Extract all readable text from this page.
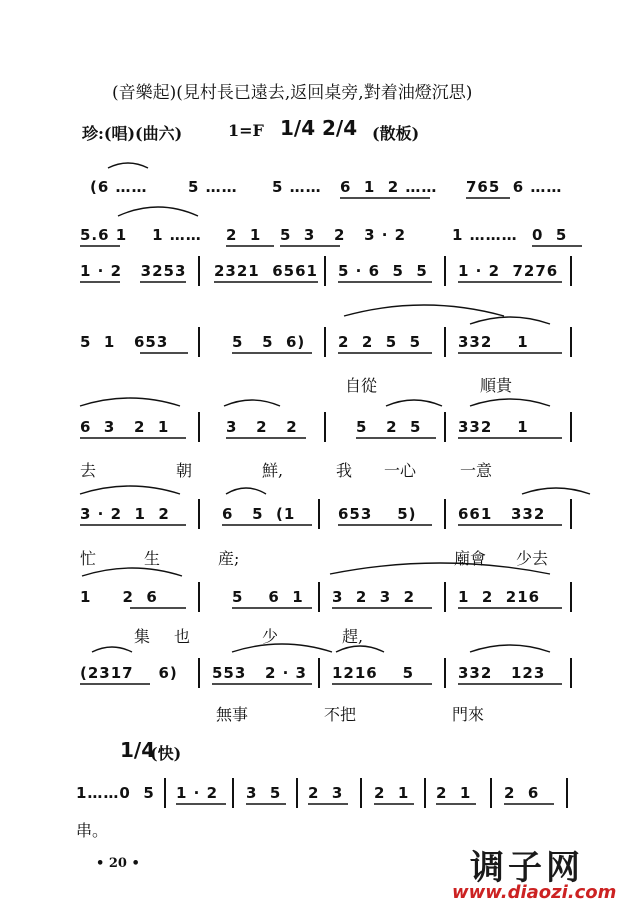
(音樂起)(見村長已遠去,返回桌旁,對着油燈沉思)
珍:(唱)(曲六)	1=F 1/4 2/4 (散板)
(6 ……	5 …… 5 …… 6  1  2 …… 765  6 ……
5.6 1    1 …… 2  1   5  3   2   3 · 2	1 ……… 0  5
1 · 2   3253 2321  6561 5 · 6  5  5 1 · 2  7276
5  1   653	5   5  6) 2  2  5  5 332    1
自從	順貴
6  3   2  1	3   2   2	5   2  5 332    1
去	朝	鮮,	我 一心	一意
3 · 2  1  2	6   5  (1	653    5)	661   332
忙	生	産;	廟會 少去
1     2  6	5    6  1 3  2  3  2	1  2  216
集 也	少	趕,
(2317    6) 553   2 · 3 1216    5	332   123
無事	不把	門來
1/4
(快)
1……0  5 1 · 2 3  5 2  3 2  1 2  1 2  6
串。
• 20 •	调子网
www.diaozi.com
